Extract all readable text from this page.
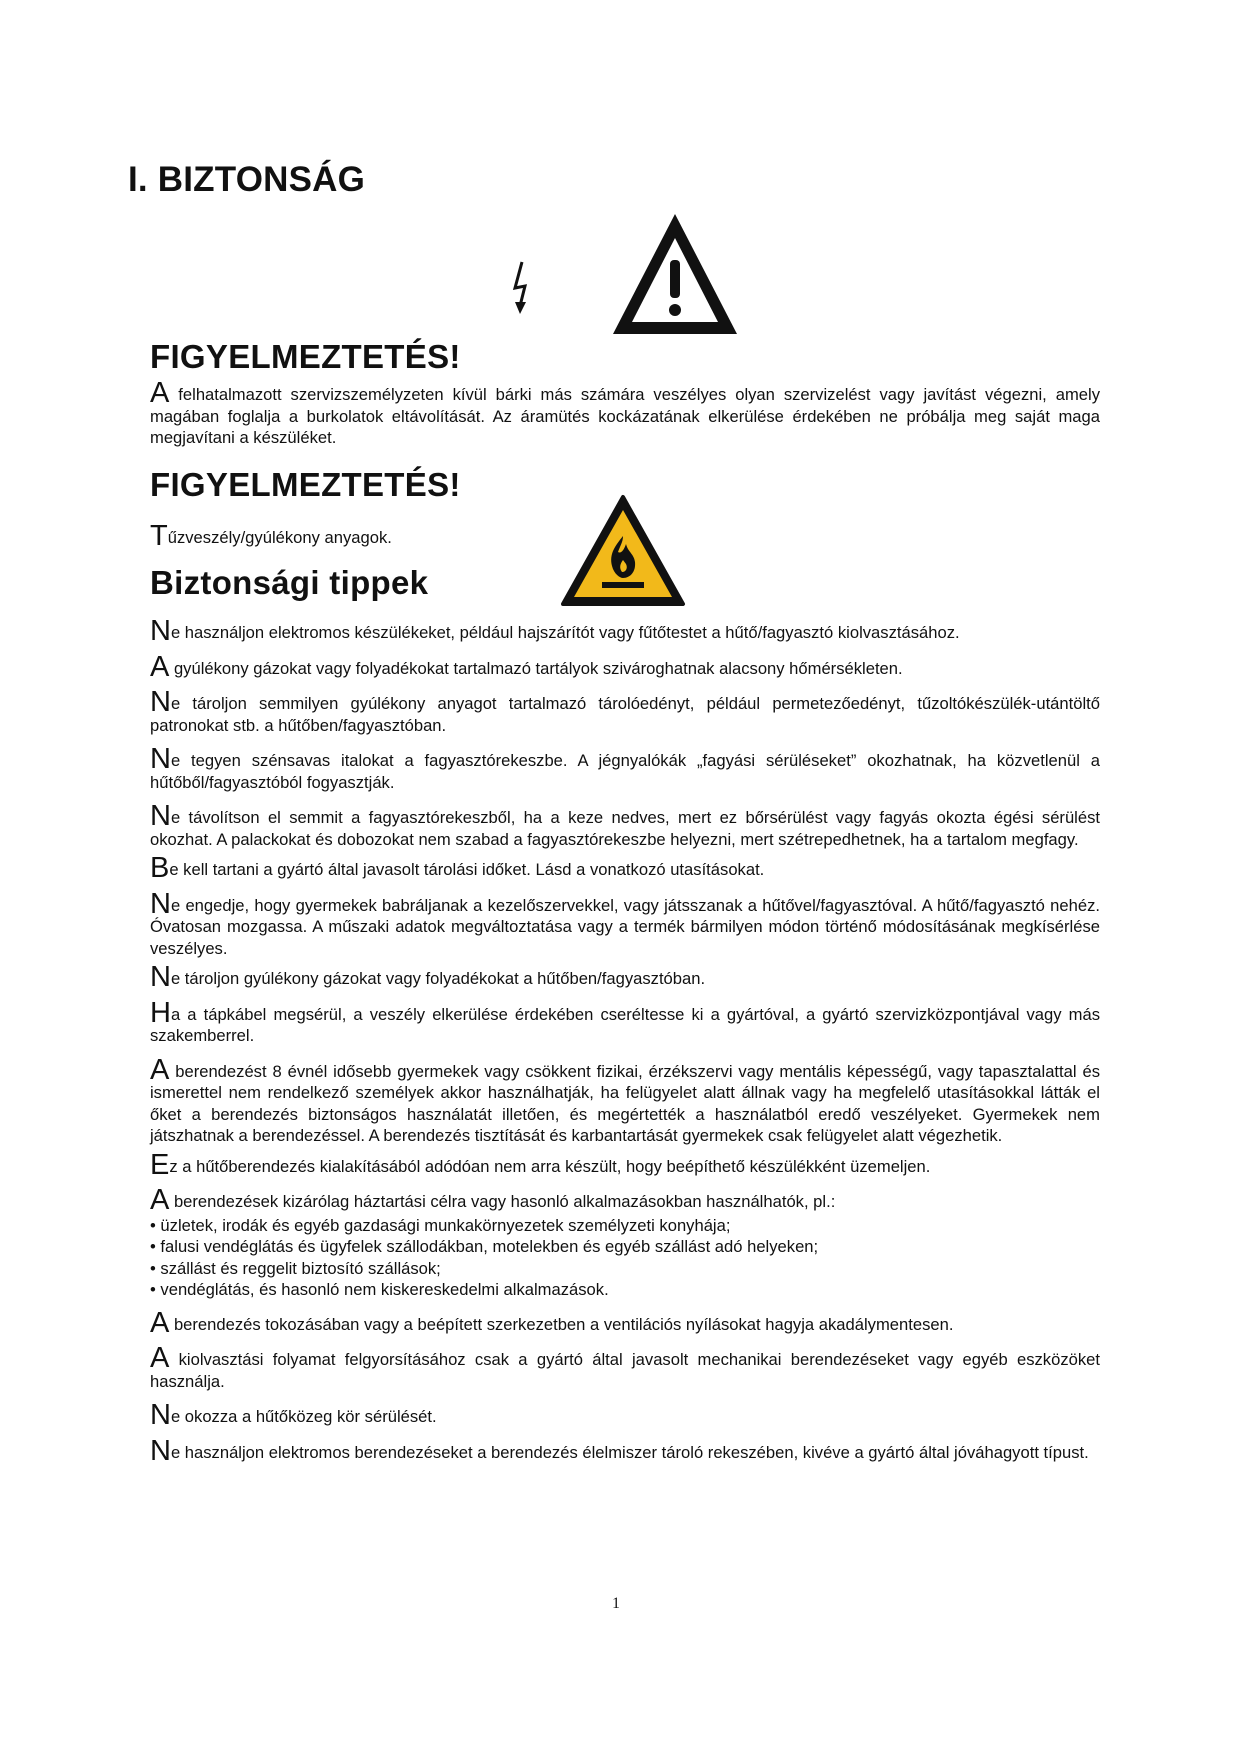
I. BIZTONSÁG
FIGYELMEZTETÉS!

A felhatalmazott szervizszemélyzeten kívül bárki más számára veszélyes olyan szervizelést vagy javítást végezni, amely magában foglalja a burkolatok eltávolítását. Az áramütés kockázatának elkerülése érdekében ne próbálja meg saját maga megjavítani a készüléket.

FIGYELMEZTETÉS!

Tűzveszély/gyúlékony anyagok.

Biztonsági tippek

Ne használjon elektromos készülékeket, például hajszárítót vagy fűtőtestet a hűtő/fagyasztó kiolvasztásához.

A gyúlékony gázokat vagy folyadékokat tartalmazó tartályok szivároghatnak alacsony hőmérsékleten.

Ne tároljon semmilyen gyúlékony anyagot tartalmazó tárolóedényt, például permetezőedényt, tűzoltókészülék-utántöltő patronokat stb. a hűtőben/fagyasztóban.

Ne tegyen szénsavas italokat a fagyasztórekeszbe. A jégnyalókák „fagyási sérüléseket” okozhatnak, ha közvetlenül a hűtőből/fagyasztóból fogyasztják.

Ne távolítson el semmit a fagyasztórekeszből, ha a keze nedves, mert ez bőrsérülést vagy fagyás okozta égési sérülést okozhat. A palackokat és dobozokat nem szabad a fagyasztórekeszbe helyezni, mert szétrepedhetnek, ha a tartalom megfagy.

Be kell tartani a gyártó által javasolt tárolási időket. Lásd a vonatkozó utasításokat.

Ne engedje, hogy gyermekek babráljanak a kezelőszervekkel, vagy játsszanak a hűtővel/fagyasztóval. A hűtő/fagyasztó nehéz. Óvatosan mozgassa. A műszaki adatok megváltoztatása vagy a termék bármilyen módon történő módosításának megkísérlése veszélyes.

Ne tároljon gyúlékony gázokat vagy folyadékokat a hűtőben/fagyasztóban.

Ha a tápkábel megsérül, a veszély elkerülése érdekében cseréltesse ki a gyártóval, a gyártó szervizközpontjával vagy más szakemberrel.

A berendezést 8 évnél idősebb gyermekek vagy csökkent fizikai, érzékszervi vagy mentális képességű, vagy tapasztalattal és ismerettel nem rendelkező személyek akkor használhatják, ha felügyelet alatt állnak vagy ha megfelelő utasításokkal látták el őket a berendezés biztonságos használatát illetően, és megértették a használatból eredő veszélyeket. Gyermekek nem játszhatnak a berendezéssel. A berendezés tisztítását és karbantartását gyermekek csak felügyelet alatt végezhetik.

Ez a hűtőberendezés kialakításából adódóan nem arra készült, hogy beépíthető készülékként üzemeljen.

A berendezések kizárólag háztartási célra vagy hasonló alkalmazásokban használhatók, pl.:

• üzletek, irodák és egyéb gazdasági munkakörnyezetek személyzeti konyhája;
• falusi vendéglátás és ügyfelek szállodákban, motelekben és egyéb szállást adó helyeken;
• szállást és reggelit biztosító szállások;
• vendéglátás, és hasonló nem kiskereskedelmi alkalmazások.

A berendezés tokozásában vagy a beépített szerkezetben a ventilációs nyílásokat hagyja akadálymentesen.

A kiolvasztási folyamat felgyorsításához csak a gyártó által javasolt mechanikai berendezéseket vagy egyéb eszközöket használja.

Ne okozza a hűtőközeg kör sérülését.

Ne használjon elektromos berendezéseket a berendezés élelmiszer tároló rekeszében, kivéve a gyártó által jóváhagyott típust.

1
